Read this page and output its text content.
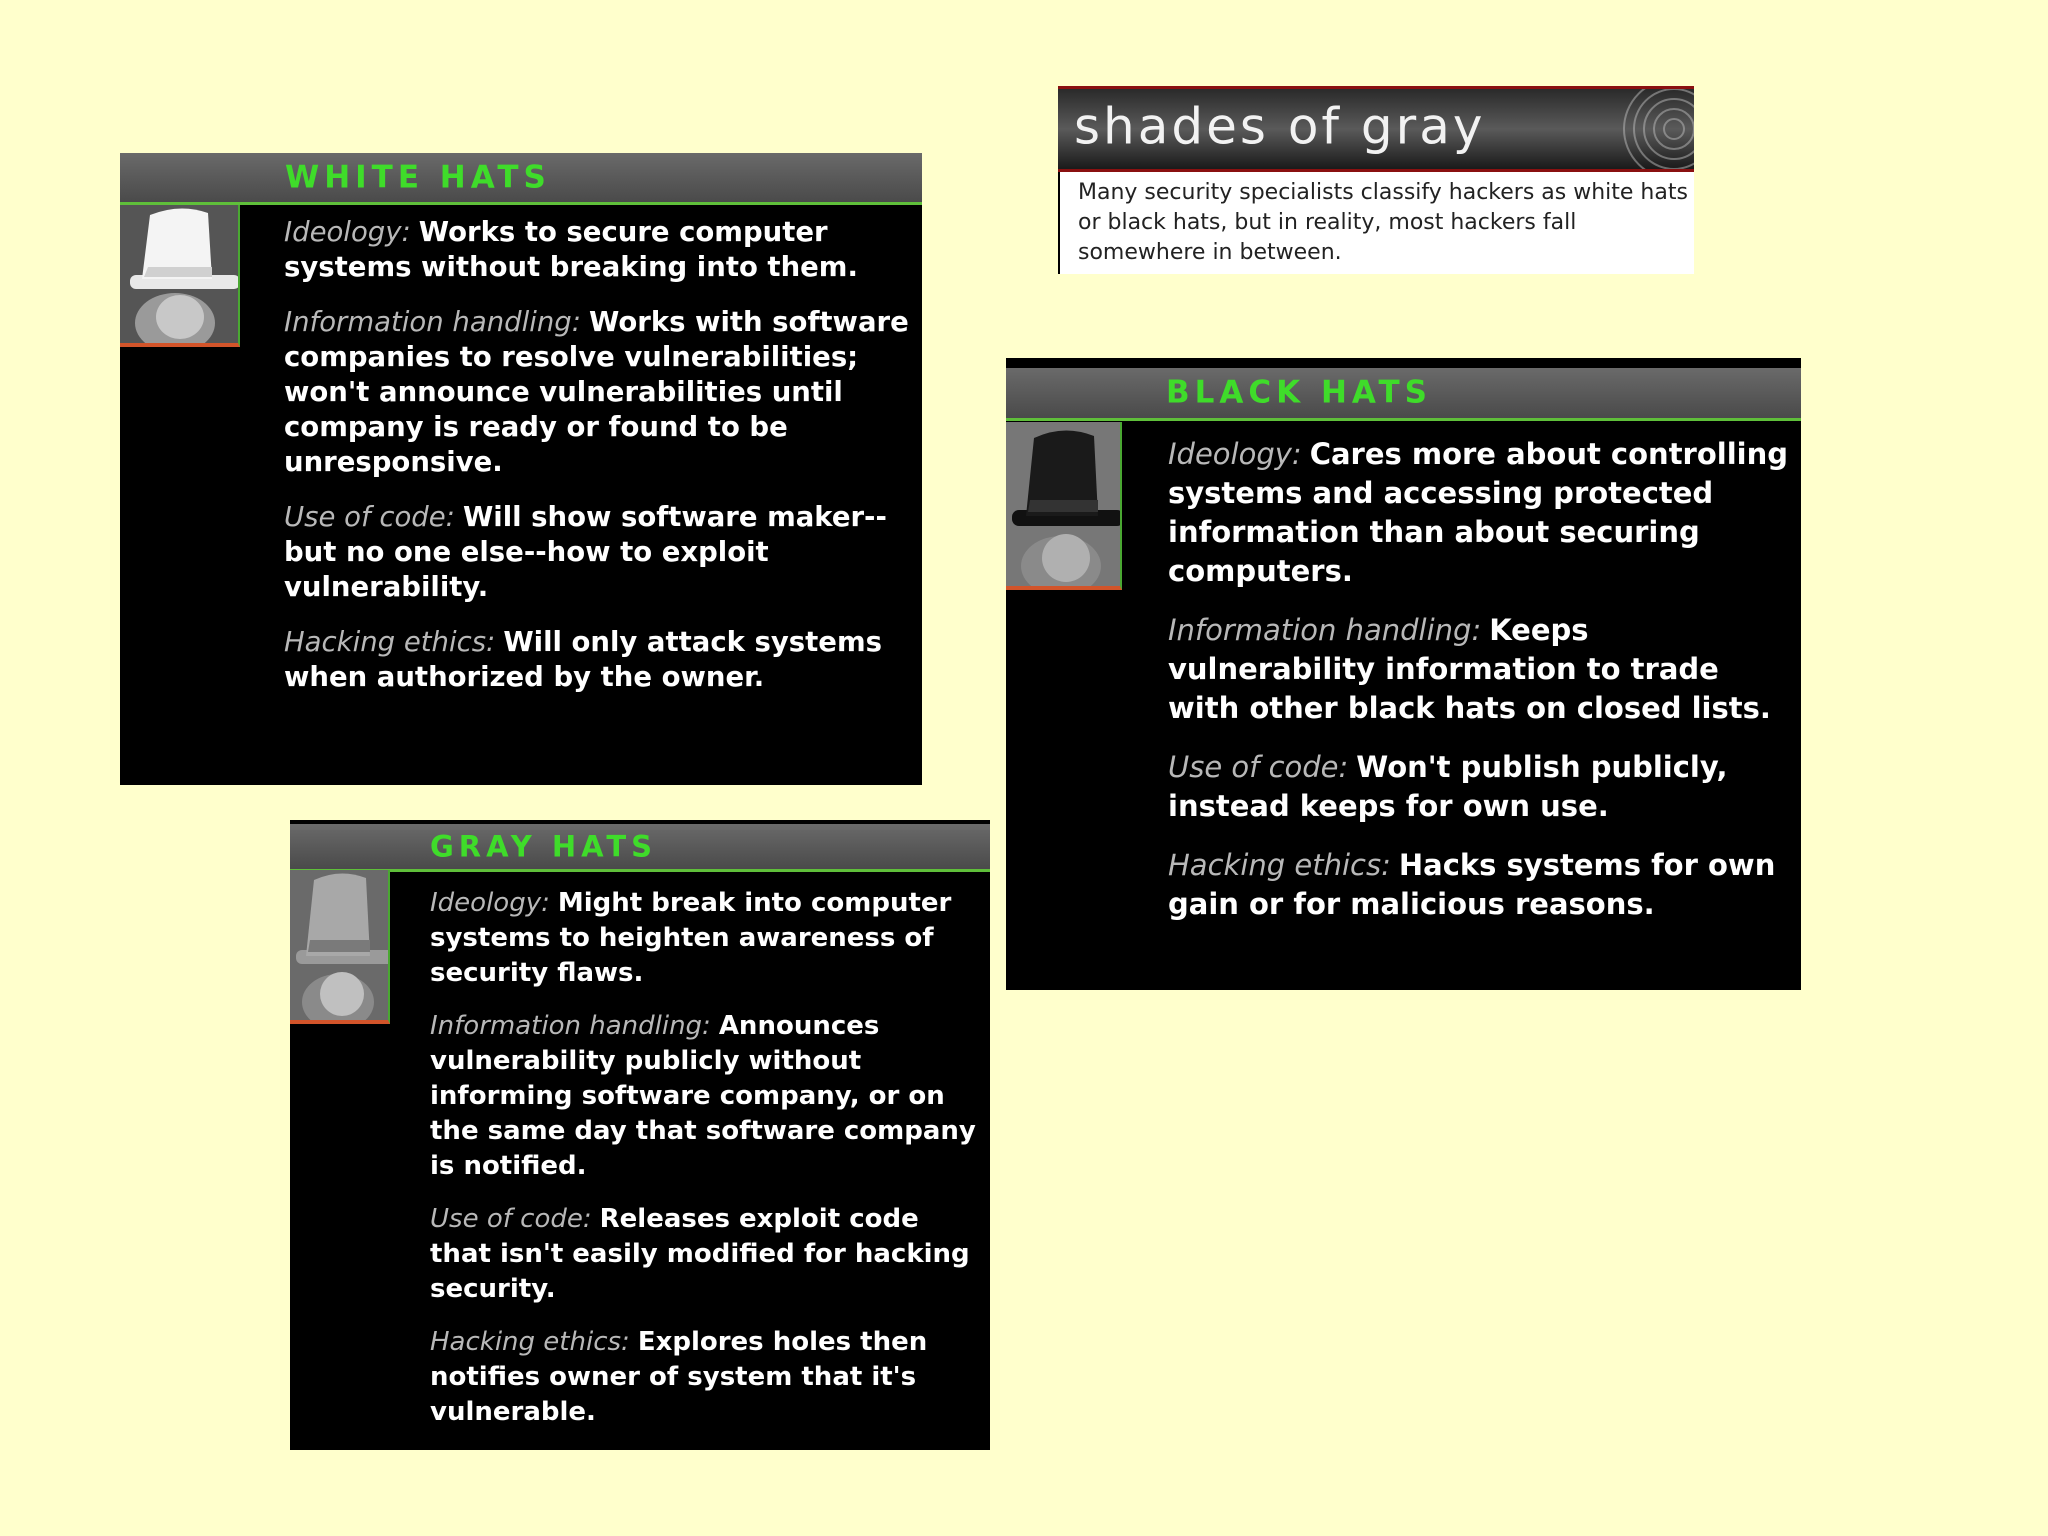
shades of gray
Many security specialists classify hackers as white hats or black hats, but in reality, most hackers fall somewhere in between.
WHITE HATS

Ideology: Works to secure computer systems without breaking into them.

Information handling: Works with software companies to resolve vulnerabilities; won't announce vulnerabilities until company is ready or found to be unresponsive.

Use of code: Will show software maker--but no one else--how to exploit vulnerability.

Hacking ethics: Will only attack systems when authorized by the owner.

BLACK HATS

Ideology: Cares more about controlling systems and accessing protected information than about securing computers.

Information handling: Keeps vulnerability information to trade with other black hats on closed lists.

Use of code: Won't publish publicly, instead keeps for own use.

Hacking ethics: Hacks systems for own gain or for malicious reasons.

GRAY HATS

Ideology: Might break into computer systems to heighten awareness of security flaws.

Information handling: Announces vulnerability publicly without informing software company, or on the same day that software company is notified.

Use of code: Releases exploit code that isn't easily modified for hacking security.

Hacking ethics: Explores holes then notifies owner of system that it's vulnerable.
